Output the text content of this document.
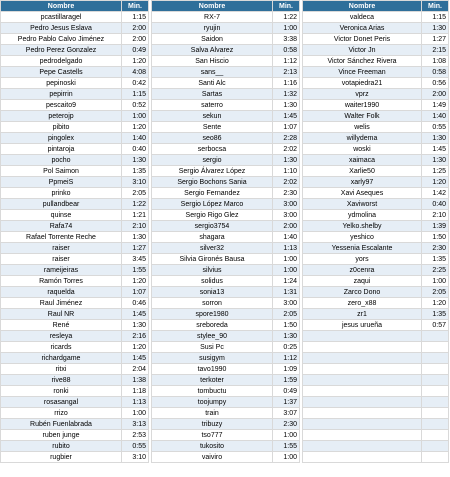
Nombre	Min.
pcastillaragel	1:15
Pedro Jesus Eslava	2:00
Pedro Pablo Calvo Jiménez	2:00
Pedro Perez Gonzalez	0:49
pedrodelgado	1:20
Pepe Castells	4:08
pepinoski	0:42
pepirrin	1:15
pescaito9	0:52
peterojp	1:00
pibito	1:20
pingolex	1:40
pintaroja	0:40
pocho	1:30
Pol Saimon	1:35
PpmeiS	3:10
prinko	2:05
pullandbear	1:22
quinse	1:21
Rafa74	2:10
Rafael Torrente Reche	1:30
raiser	1:27
raiser	3:45
rameijeiras	1:55
Ramón Torres	1:20
raquelda	1:07
Raul Jiménez	0:46
Raul NR	1:45
René	1:30
resleya	2:16
ricards	1:20
richardgame	1:45
ritxi	2:04
rive88	1:38
ronki	1:18
rosasangal	1:13
rrizo	1:00
Rubén Fuenlabrada	3:13
ruben junge	2:53
rubito	0:55
rugbier	3:10
Nombre	Min.
RX-7	1:22
ryujin	1:00
Saidon	3:38
Salva Alvarez	0:58
San Hiscio	1:12
sans__	2:13
Santi Alc	1:16
Sartas	1:32
saterro	1:30
sekun	1:45
Sente	1:07
seo86	2:28
serbocsa	2:02
sergio	1:30
Sergio Álvarez López	1:10
Sergio Bochons Sania	2:02
Sergio Fernandez	2:30
Sergio López Marco	3:00
Sergio Rigo Glez	3:00
sergio3754	2:00
shagara	1:40
silver32	1:13
Silvia Gironés Bausa	1:00
silvius	1:00
solidus	1:24
sonia13	1:31
sorron	3:00
spore1980	2:05
sreboreda	1:50
stylee_90	1:30
Susi Pc	0:25
susigym	1:12
tavo1990	1:09
terkoter	1:59
tombuctu	0:49
toojumpy	1:37
train	3:07
tribuzy	2:30
tso777	1:00
tukosito	1:55
vaiviro	1:00
Nombre	Min.
valdeca	1:15
Veronica Arias	1:30
Victor Donet Peris	1:27
Victor Jn	2:15
Victor Sánchez Rivera	1:08
Vince Freeman	0:58
votapiedra21	0:56
vprz	2:00
waiter1990	1:49
Walter Folk	1:40
welis	0:55
willydema	1:30
woski	1:45
xaimaca	1:30
Xarlie50	1:25
xarly97	1:20
Xavi Aseques	1:42
Xaviworst	0:40
ydmolina	2:10
Yelko.shelby	1:39
yeshico	1:50
Yessenia Escalante	2:30
yors	1:35
z0cenra	2:25
zaqui	1:00
Zarco Dono	2:05
zero_x88	1:20
zr1	1:35
jesus urueña	0:57
